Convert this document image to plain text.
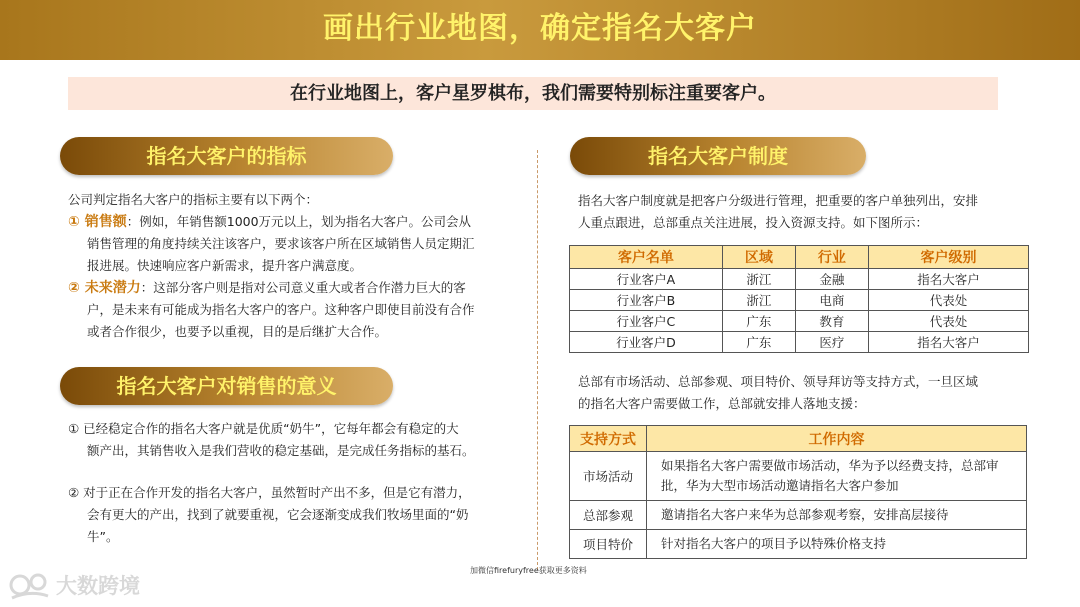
画出行业地图，确定指名大客户
在行业地图上，客户星罗棋布，我们需要特别标注重要客户。
指名大客户的指标
公司判定指名大客户的指标主要有以下两个：
① 销售额：例如，年销售额1000万元以上，划为指名大客户。公司会从
销售管理的角度持续关注该客户，要求该客户所在区域销售人员定期汇
报进展。快速响应客户新需求，提升客户满意度。
② 未来潜力：这部分客户则是指对公司意义重大或者合作潜力巨大的客
户，是未来有可能成为指名大客户的客户。这种客户即使目前没有合作
或者合作很少，也要予以重视，目的是后继扩大合作。
指名大客户对销售的意义
① 已经稳定合作的指名大客户就是优质“奶牛”，它每年都会有稳定的大
额产出，其销售收入是我们营收的稳定基础，是完成任务指标的基石。
② 对于正在合作开发的指名大客户，虽然暂时产出不多，但是它有潜力，
会有更大的产出，找到了就要重视，它会逐渐变成我们牧场里面的“奶
牛”。
指名大客户制度
指名大客户制度就是把客户分级进行管理，把重要的客户单独列出，安排
人重点跟进，总部重点关注进展，投入资源支持。如下图所示：
客户名单	区域	行业	客户级别
行业客户A	浙江	金融	指名大客户
行业客户B	浙江	电商	代表处
行业客户C	广东	教育	代表处
行业客户D	广东	医疗	指名大客户
总部有市场活动、总部参观、项目特价、领导拜访等支持方式，一旦区域
的指名大客户需要做工作，总部就安排人落地支援：
支持方式	工作内容
市场活动	如果指名大客户需要做市场活动，华为予以经费支持，总部审批，华为大型市场活动邀请指名大客户参加
总部参观	邀请指名大客户来华为总部参观考察，安排高层接待
项目特价	针对指名大客户的项目予以特殊价格支持
加微信firefuryfree获取更多资料
大数跨境
